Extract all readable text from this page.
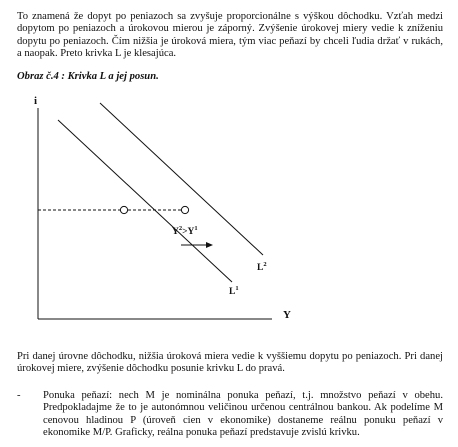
To znamená že dopyt po peniazoch sa zvyšuje proporcionálne s výškou dôchodku. Vzťah medzi dopytom po peniazoch a úrokovou mierou je záporný. Zvýšenie úrokovej miery vedie k zníženiu dopytu po peniazoch. Čím nižšia je úroková miera, tým viac peňazí by chceli ľudia držať v rukách, a naopak. Preto krivka L je klesajúca.

Obraz č.4 : Krivka L a jej posun.

i
Y
$Y^2>Y^1$
$L^2$
$L^1$

Pri danej úrovne dôchodku, nižšia úroková miera vedie k vyššiemu dopytu po peniazoch. Pri danej úrokovej miere, zvýšenie dôchodku posunie krivku L do pravá.

- Ponuka peňazí: nech M je nominálna ponuka peňazí, t.j. množstvo peňazí v obehu. Predpokladajme že to je autonómnou veličinou určenou centrálnou bankou. Ak podelíme M cenovou hladinou P (úroveň cien v ekonomike) dostaneme reálnu ponuku peňazí v ekonomike M/P. Graficky, reálna ponuka peňazí predstavuje zvislú krivku.
